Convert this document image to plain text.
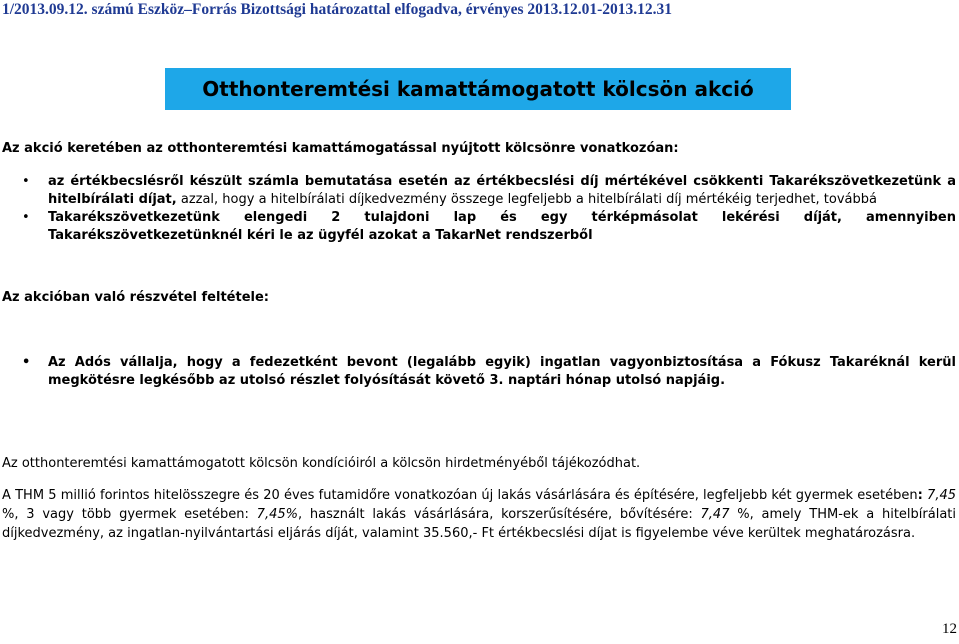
1/2013.09.12. számú Eszköz–Forrás Bizottsági határozattal elfogadva, érvényes 2013.12.01-2013.12.31
Otthonteremtési kamattámogatott kölcsön akció
Az akció keretében az otthonteremtési kamattámogatással nyújtott kölcsönre vonatkozóan:
• az értékbecslésről készült számla bemutatása esetén az értékbecslési díj mértékével csökkenti Takarékszövetkezetünk a hitelbírálati díjat, azzal, hogy a hitelbírálati díjkedvezmény összege legfeljebb a hitelbírálati díj mértékéig terjedhet, továbbá
• Takarékszövetkezetünk elengedi 2 tulajdoni lap és egy térképmásolat lekérési díját, amennyiben Takarékszövetkezetünknél kéri le az ügyfél azokat a TakarNet rendszerből
Az akcióban való részvétel feltétele:
• Az Adós vállalja, hogy a fedezetként bevont (legalább egyik) ingatlan vagyonbiztosítása a Fókusz Takaréknál kerül megkötésre legkésőbb az utolsó részlet folyósítását követő 3. naptári hónap utolsó napjáig.
Az otthonteremtési kamattámogatott kölcsön kondícióiról a kölcsön hirdetményéből tájékozódhat.
A THM 5 millió forintos hitelösszegre és 20 éves futamidőre vonatkozóan új lakás vásárlására és építésére, legfeljebb két gyermek esetében: 7,45 %, 3 vagy több gyermek esetében: 7,45%, használt lakás vásárlására, korszerűsítésére, bővítésére: 7,47 %, amely THM-ek a hitelbírálati díjkedvezmény, az ingatlan-nyilvántartási eljárás díját, valamint 35.560,- Ft értékbecslési díjat is figyelembe véve kerültek meghatározásra.
12
